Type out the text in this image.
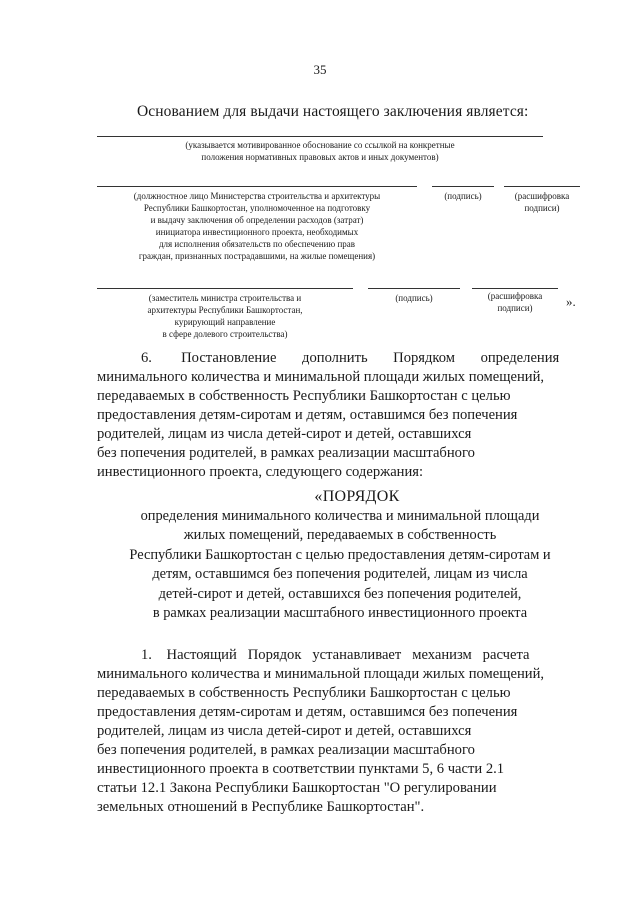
35
Основанием для выдачи настоящего заключения является:
(указывается мотивированное обоснование со ссылкой на конкретные
положения нормативных правовых актов и иных документов)
(должностное лицо Министерства строительства и архитектуры
Республики Башкортостан, уполномоченное на подготовку
и выдачу заключения об определении расходов (затрат)
инициатора инвестиционного проекта, необходимых
для исполнения обязательств по обеспечению прав
граждан, признанных пострадавшими, на жилые помещения)
(подпись)	(расшифровка
подписи)
(заместитель министра строительства и
архитектуры Республики Башкортостан,
курирующий направление
в сфере долевого строительства)
(подпись)	(расшифровка
подписи)	».

6.        Постановление       дополнить       Порядком       определения

минимального количества и минимальной площади жилых помещений,

передаваемых в собственность Республики Башкортостан с целью

предоставления детям-сиротам и детям, оставшимся без попечения

родителей, лицам из числа детей-сирот и детей, оставшихся

без попечения родителей, в рамках реализации масштабного

инвестиционного проекта, следующего содержания:

«ПОРЯДОК
определения минимального количества и минимальной площади
жилых помещений, передаваемых в собственность
Республики Башкортостан с целью предоставления детям-сиротам и
детям, оставшимся без попечения родителей, лицам из числа
детей-сирот и детей, оставшихся без попечения родителей,
в рамках реализации масштабного инвестиционного проекта

1.    Настоящий   Порядок   устанавливает   механизм   расчета

минимального количества и минимальной площади жилых помещений,

передаваемых в собственность Республики Башкортостан с целью

предоставления детям-сиротам и детям, оставшимся без попечения

родителей, лицам из числа детей-сирот и детей, оставшихся

без попечения родителей, в рамках реализации масштабного

инвестиционного проекта в соответствии пунктами 5, 6 части 2.1

статьи 12.1 Закона Республики Башкортостан "О регулировании

земельных отношений в Республике Башкортостан".
